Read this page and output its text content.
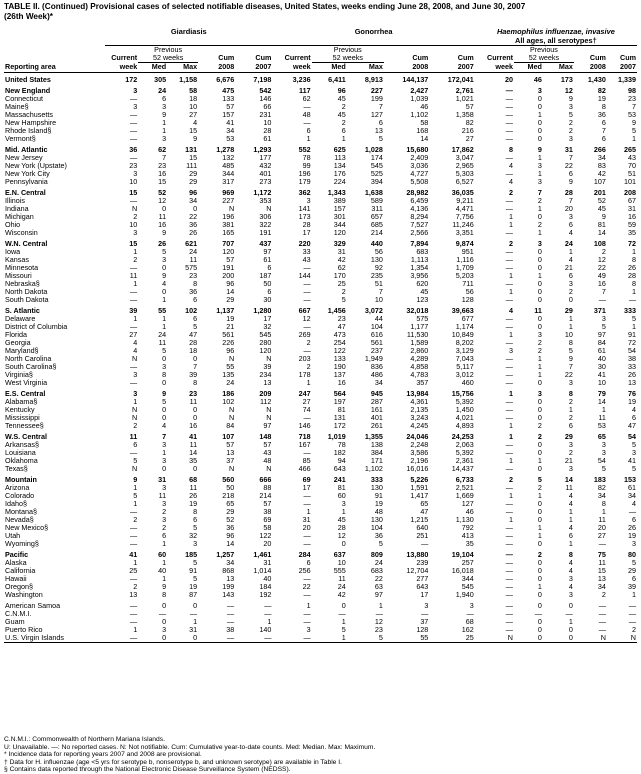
TABLE II. (Continued) Provisional cases of selected notifiable diseases, United States, weeks ending June 28, 2008, and June 30, 2007
(26th Week)*
	Giardiasis					Gonorrhea					Haemophilus influenzae, invasive				
											All ages, all serotypes†				
		Previous					Previous					Previous			
	Current	52 weeks		Cum	Cum	Current	52 weeks		Cum	Cum	Current	52 weeks		Cum	Cum
Reporting area	week	Med	Max	2008	2007	week	Med	Max	2008	2007	week	Med	Max	2008	2007
United States	172	305	1,158	6,676	7,198	3,236	6,411	8,913	144,137	172,041	20	46	173	1,430	1,339
New England	3	24	58	475	542	117	96	227	2,427	2,761	—	3	12	82	98
Connecticut	—	6	18	133	146	62	45	199	1,039	1,021	—	0	9	19	23
Maine§	3	3	10	57	66	—	2	7	46	57	—	0	3	8	7
Massachusetts	—	9	27	157	231	48	45	127	1,102	1,358	—	1	5	36	53
New Hampshire	—	1	4	41	10	—	2	6	58	82	—	0	2	6	9
Rhode Island§	—	1	15	34	28	6	6	13	168	216	—	0	2	7	5
Vermont§	—	3	9	53	61	1	1	5	14	27	—	0	3	6	1
Mid. Atlantic	36	62	131	1,278	1,293	552	625	1,028	15,680	17,862	8	9	31	266	265
New Jersey	—	7	15	132	177	78	113	174	2,409	3,047	—	1	7	34	43
New York (Upstate)	23	23	111	485	432	99	134	545	3,036	2,965	4	3	22	83	70
New York City	3	16	29	344	401	196	176	525	4,727	5,303	—	1	6	42	51
Pennsylvania	10	15	29	317	273	179	224	394	5,508	6,527	4	3	9	107	101
E.N. Central	15	52	96	969	1,172	362	1,343	1,638	28,982	36,035	2	7	28	201	208
Illinois	—	12	34	227	353	3	389	589	6,459	9,211	—	2	7	52	67
Indiana	N	0	0	N	N	141	157	311	4,136	4,471	—	1	20	45	31
Michigan	2	11	22	196	306	173	301	657	8,294	7,756	1	0	3	9	16
Ohio	10	16	36	381	322	28	344	685	7,527	11,246	1	2	6	81	59
Wisconsin	3	9	26	165	191	17	120	214	2,566	3,351	—	1	4	14	35
W.N. Central	15	26	621	707	437	220	329	440	7,894	9,874	2	3	24	108	72
Iowa	1	5	24	120	97	33	31	56	683	951	—	0	1	2	1
Kansas	2	3	11	57	61	43	42	130	1,113	1,116	—	0	4	12	8
Minnesota	—	0	575	191	6	—	62	92	1,354	1,709	—	0	21	22	26
Missouri	11	9	23	200	187	144	170	235	3,956	5,203	1	1	6	49	28
Nebraska§	1	4	8	96	50	—	25	51	620	711	—	0	3	16	8
North Dakota	—	0	36	14	6	—	2	7	45	56	1	0	2	7	1
South Dakota	—	1	6	29	30	—	5	10	123	128	—	0	0	—	—
S. Atlantic	39	55	102	1,137	1,280	667	1,456	3,072	32,018	39,663	4	11	29	371	333
Delaware	1	1	6	19	17	12	23	44	575	677	—	0	1	3	5
District of Columbia	—	1	5	21	32	—	47	104	1,177	1,174	—	0	1	5	1
Florida	27	24	47	561	545	269	473	616	11,530	10,849	1	3	10	97	91
Georgia	4	11	28	226	280	2	254	561	1,589	8,202	—	2	8	84	72
Maryland§	4	5	18	96	120	—	122	237	2,860	3,129	3	2	5	61	54
North Carolina	N	0	0	N	N	203	133	1,949	4,289	7,043	—	1	9	40	38
South Carolina§	—	3	7	55	39	2	190	836	4,858	5,117	—	1	7	30	33
Virginia§	3	8	39	135	234	178	137	486	4,783	3,012	—	1	22	41	26
West Virginia	—	0	8	24	13	1	16	34	357	460	—	0	3	10	13
E.S. Central	3	9	23	186	209	247	564	945	13,984	15,756	1	3	8	79	76
Alabama§	1	5	11	102	112	27	197	287	4,361	5,392	—	0	2	14	19
Kentucky	N	0	0	N	N	74	81	161	2,135	1,450	—	0	1	1	4
Mississippi	N	0	0	N	N	—	131	401	3,243	4,021	—	0	2	11	6
Tennessee§	2	4	16	84	97	146	172	261	4,245	4,893	1	2	6	53	47
W.S. Central	11	7	41	107	148	718	1,019	1,355	24,046	24,253	1	2	29	65	54
Arkansas§	6	3	11	57	57	167	78	138	2,248	2,063	—	0	3	3	5
Louisiana	—	1	14	13	43	—	182	384	3,586	5,392	—	0	2	3	3
Oklahoma	5	3	35	37	48	85	94	171	2,196	2,361	1	1	21	54	41
Texas§	N	0	0	N	N	466	643	1,102	16,016	14,437	—	0	3	5	5
Mountain	9	31	68	560	666	69	241	333	5,226	6,733	2	5	14	183	153
Arizona	1	3	11	50	88	17	81	130	1,591	2,521	—	2	11	82	61
Colorado	5	11	26	218	214	—	60	91	1,417	1,669	1	1	4	34	34
Idaho§	1	3	19	65	57	—	3	19	65	127	—	0	4	8	4
Montana§	—	2	8	29	38	1	1	48	47	46	—	0	1	1	—
Nevada§	2	3	6	52	69	31	45	130	1,215	1,130	1	0	1	11	6
New Mexico§	—	2	5	36	58	20	28	104	640	792	—	1	4	20	26
Utah	—	6	32	96	122	—	12	36	251	413	—	1	6	27	19
Wyoming§	—	1	3	14	20	—	0	5	—	35	—	0	1	—	3
Pacific	41	60	185	1,257	1,461	284	637	809	13,880	19,104	—	2	8	75	80
Alaska	1	1	5	34	31	6	10	24	239	257	—	0	4	11	5
California	25	40	91	868	1,014	256	555	683	12,704	16,018	—	0	4	15	29
Hawaii	—	1	5	13	40	—	11	22	277	344	—	0	3	13	6
Oregon§	2	9	19	199	184	22	24	63	643	545	—	1	4	34	39
Washington	13	8	87	143	192	—	42	97	17	1,940	—	0	3	2	1
American Samoa	—	0	0	—	—	1	0	1	3	3	—	0	0	—	—
C.N.M.I.	—	—	—	—	—	—	—	—	—	—	—	—	—	—	—
Guam	—	0	1	—	1	—	1	12	37	68	—	0	1	—	—
Puerto Rico	1	3	31	38	140	3	5	23	128	162	—	0	0	—	2
U.S. Virgin Islands	—	0	0	—	—	—	1	5	55	25	N	0	0	N	N
C.N.M.I.: Commonwealth of Northern Mariana Islands.
U: Unavailable. —: No reported cases. N: Not notifiable. Cum: Cumulative year-to-date counts. Med: Median. Max: Maximum.
* Incidence data for reporting years 2007 and 2008 are provisional.
† Data for H. influenzae (age <5 yrs for serotype b, nonserotype b, and unknown serotype) are available in Table I.
§ Contains data reported through the National Electronic Disease Surveillance System (NEDSS).
